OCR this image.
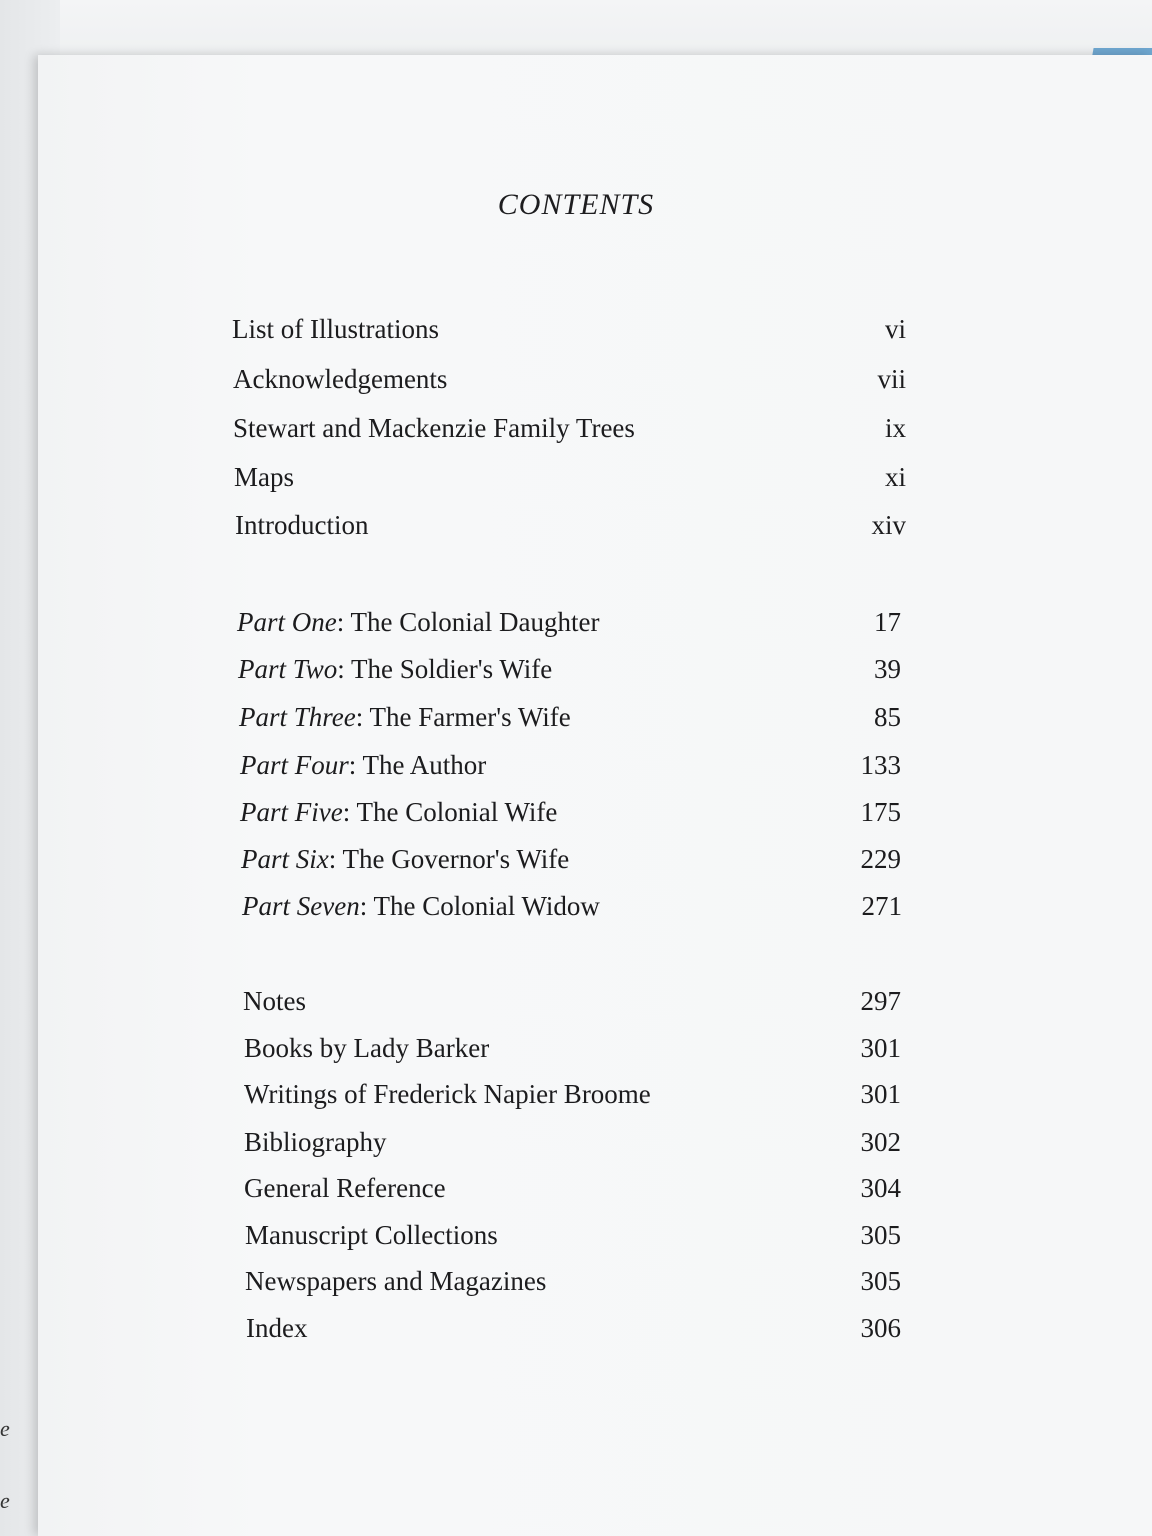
e
e
CONTENTS
List of Illustrations	vi
Acknowledgements	vii
Stewart and Mackenzie Family Trees	ix
Maps	xi
Introduction	xiv
Part One: The Colonial Daughter	17
Part Two: The Soldier's Wife	39
Part Three: The Farmer's Wife	85
Part Four: The Author	133
Part Five: The Colonial Wife	175
Part Six: The Governor's Wife	229
Part Seven: The Colonial Widow	271
Notes	297
Books by Lady Barker	301
Writings of Frederick Napier Broome	301
Bibliography	302
General Reference	304
Manuscript Collections	305
Newspapers and Magazines	305
Index	306
